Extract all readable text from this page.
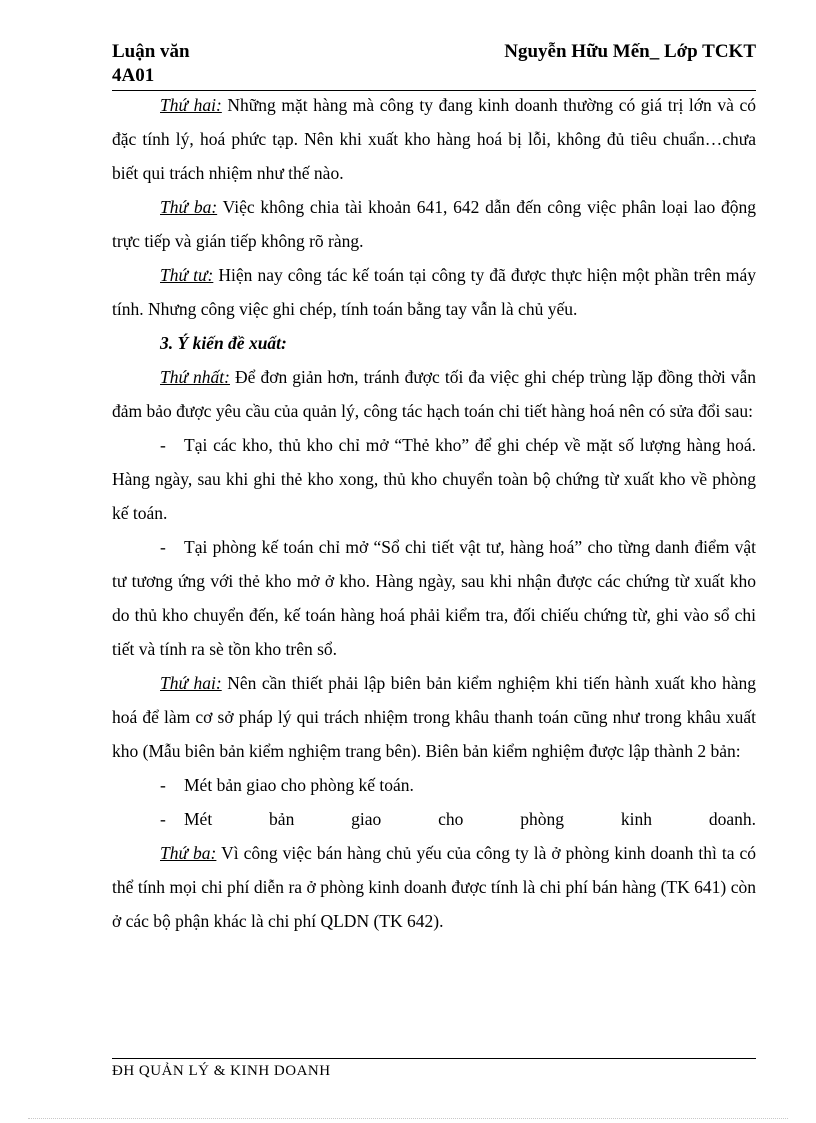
Luận văn
4A01
Nguyễn Hữu Mến_ Lớp TCKT

Thứ hai: Những mặt hàng mà công ty đang kinh doanh thường có giá trị lớn và có đặc tính lý, hoá phức tạp. Nên khi xuất kho hàng hoá bị lỗi, không đủ tiêu chuẩn…chưa biết qui trách nhiệm như thế nào.

Thứ ba: Việc không chia tài khoản 641, 642 dẫn đến công việc phân loại lao động trực tiếp và gián tiếp không rõ ràng.

Thứ tư: Hiện nay công tác kế toán tại công ty đã được thực hiện một phần trên máy tính. Nhưng công việc ghi chép, tính toán bằng tay vẫn là chủ yếu.

3. Ý kiến đề xuất:

Thứ nhất: Để đơn giản hơn, tránh được tối đa việc ghi chép trùng lặp đồng thời vẫn đảm bảo được yêu cầu của quản lý, công tác hạch toán chi tiết hàng hoá nên có sửa đổi sau:

- Tại các kho, thủ kho chỉ mở “Thẻ kho” để ghi chép về mặt số lượng hàng hoá. Hàng ngày, sau khi ghi thẻ kho xong, thủ kho chuyển toàn bộ chứng từ xuất kho về phòng kế toán.

- Tại phòng kế toán chỉ mở “Sổ chi tiết vật tư, hàng hoá” cho từng danh điểm vật tư tương ứng với thẻ kho mở ở kho. Hàng ngày, sau khi nhận được các chứng từ xuất kho do thủ kho chuyển đến, kế toán hàng hoá phải kiểm tra, đối chiếu chứng từ, ghi vào sổ chi tiết và tính ra sè tồn kho trên sổ.

Thứ hai: Nên cần thiết phải lập biên bản kiểm nghiệm khi tiến hành xuất kho hàng hoá để làm cơ sở pháp lý qui trách nhiệm trong khâu thanh toán cũng như trong khâu xuất kho (Mẫu biên bản kiểm nghiệm trang bên). Biên bản kiểm nghiệm được lập thành 2 bản:

- Mét bản giao cho phòng kế toán.

- Mét bản giao cho phòng kinh doanh.

Thứ ba: Vì công việc bán hàng chủ yếu của công ty là ở phòng kinh doanh thì ta có thể tính mọi chi phí diễn ra ở phòng kinh doanh được tính là chi phí bán hàng (TK 641) còn ở các bộ phận khác là chi phí QLDN (TK 642).

ĐH QUẢN LÝ & KINH DOANH
